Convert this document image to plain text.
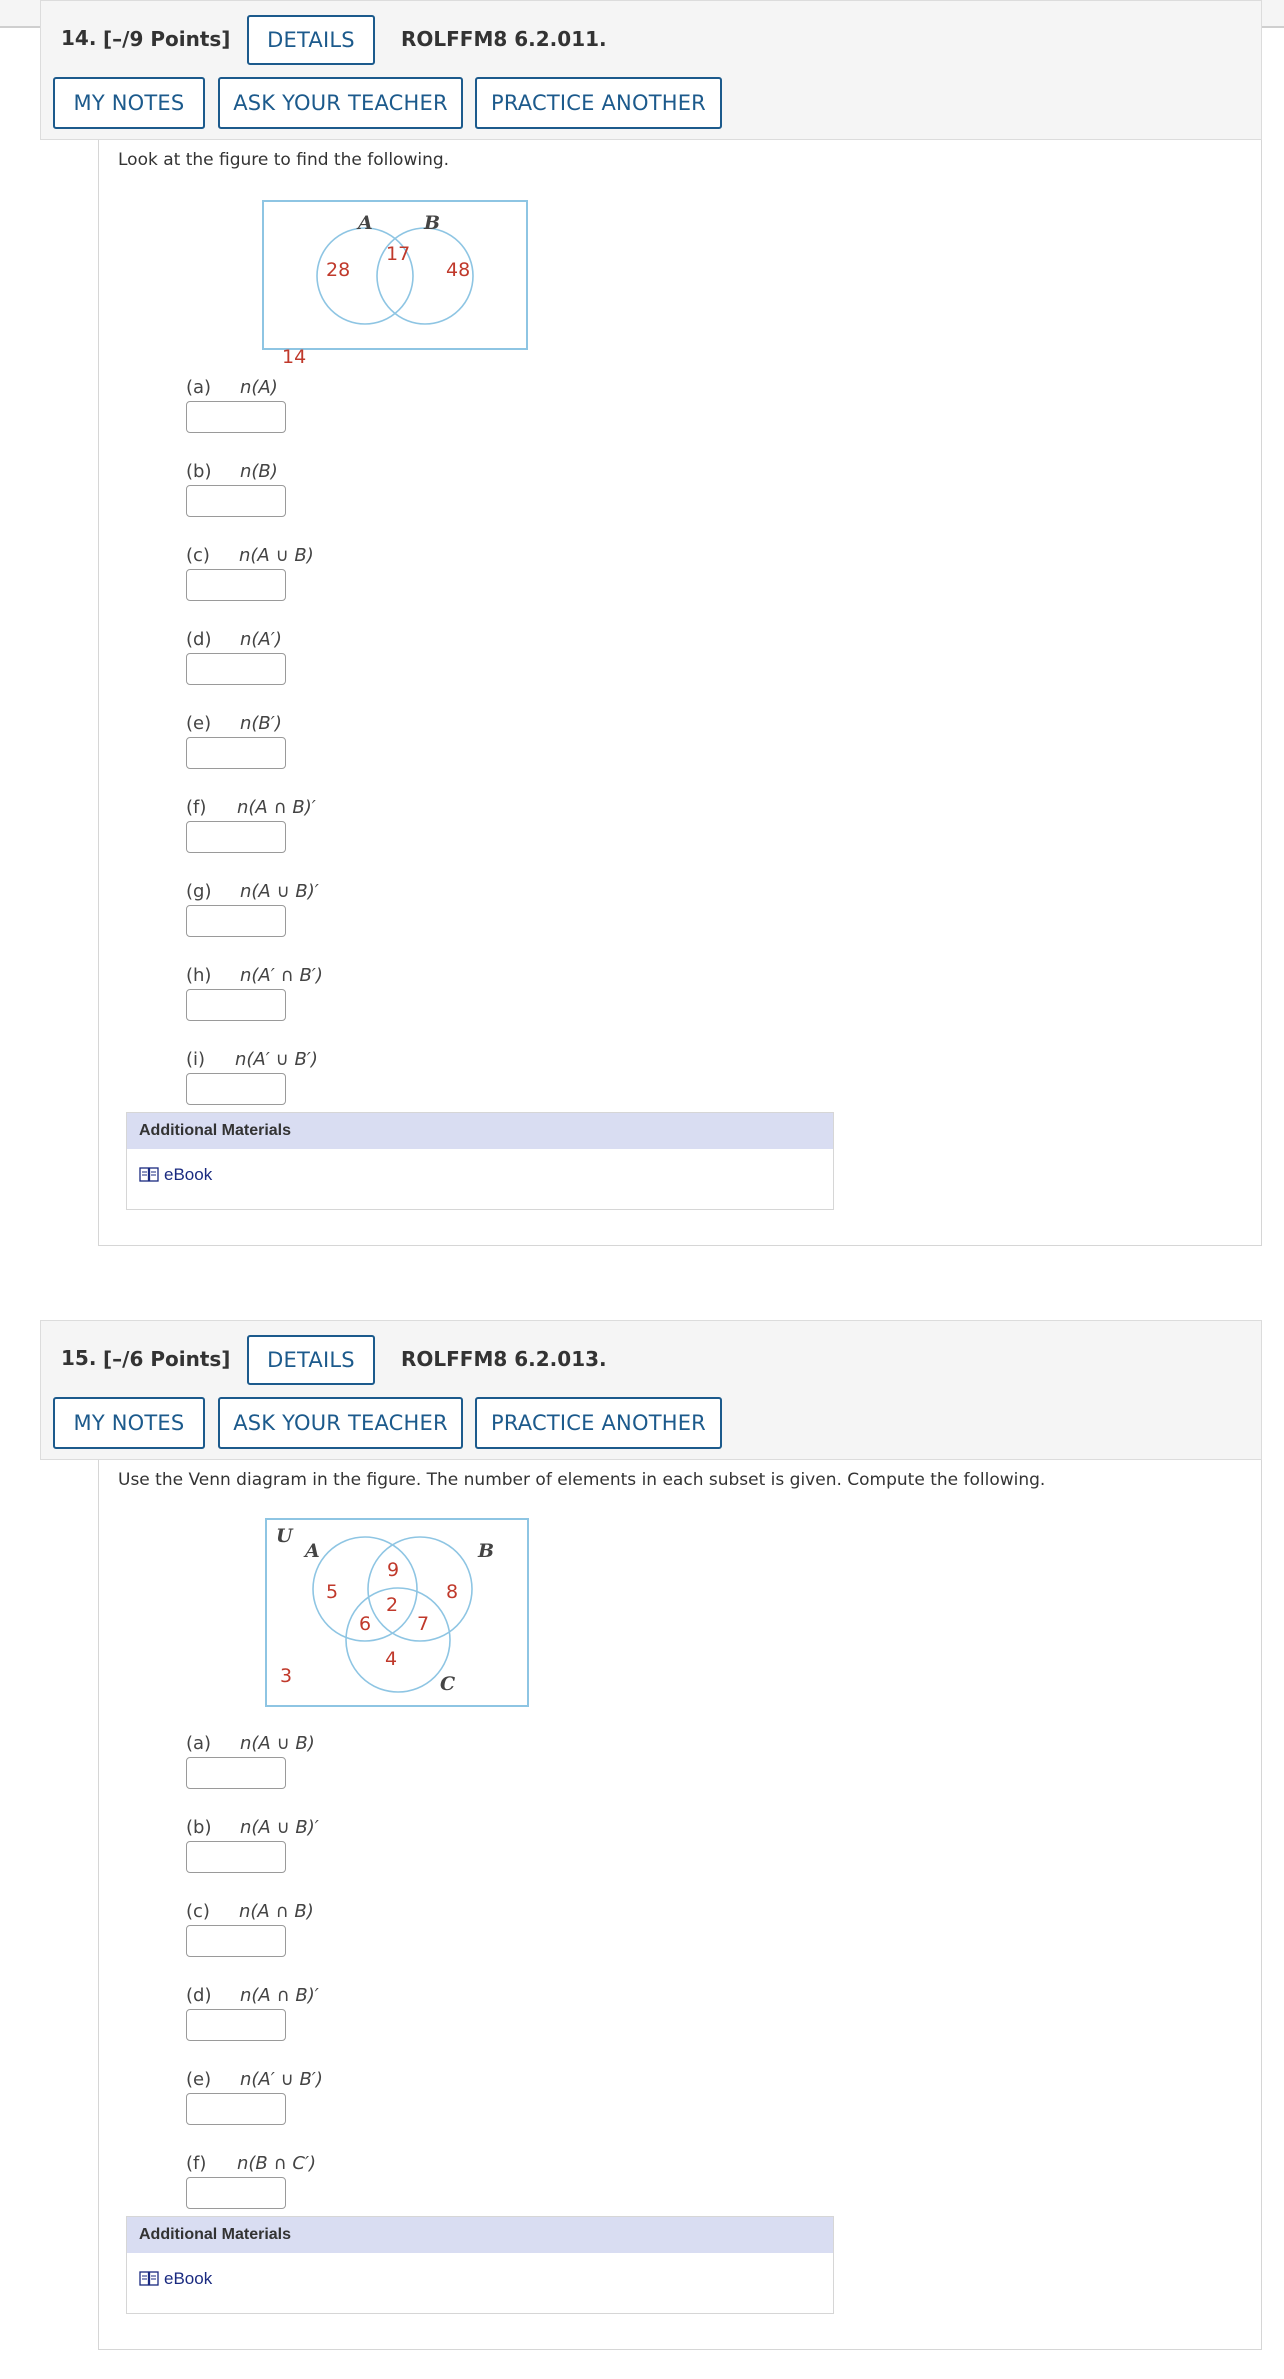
14. [–/9 Points]	DETAILS	ROLFFM8 6.2.011.
MY NOTES	ASK YOUR TEACHER	PRACTICE ANOTHER
Look at the figure to find the following.
A	B
28
17
48
14
(a) n(A)
(b) n(B)
(c) n(A ∪ B)
(d) n(A′)
(e) n(B′)
(f) n(A ∩ B)′
(g) n(A ∪ B)′
(h) n(A′ ∩ B′)
(i) n(A′ ∪ B′)
Additional Materials
eBook
15. [–/6 Points]	DETAILS	ROLFFM8 6.2.013.
MY NOTES	ASK YOUR TEACHER	PRACTICE ANOTHER
Use the Venn diagram in the figure. The number of elements in each subset is given. Compute the following.
U
A	B
C
5
9
8
2
6 7
4
3
(a) n(A ∪ B)
(b) n(A ∪ B)′
(c) n(A ∩ B)
(d) n(A ∩ B)′
(e) n(A′ ∪ B′)
(f) n(B ∩ C′)
Additional Materials
eBook
